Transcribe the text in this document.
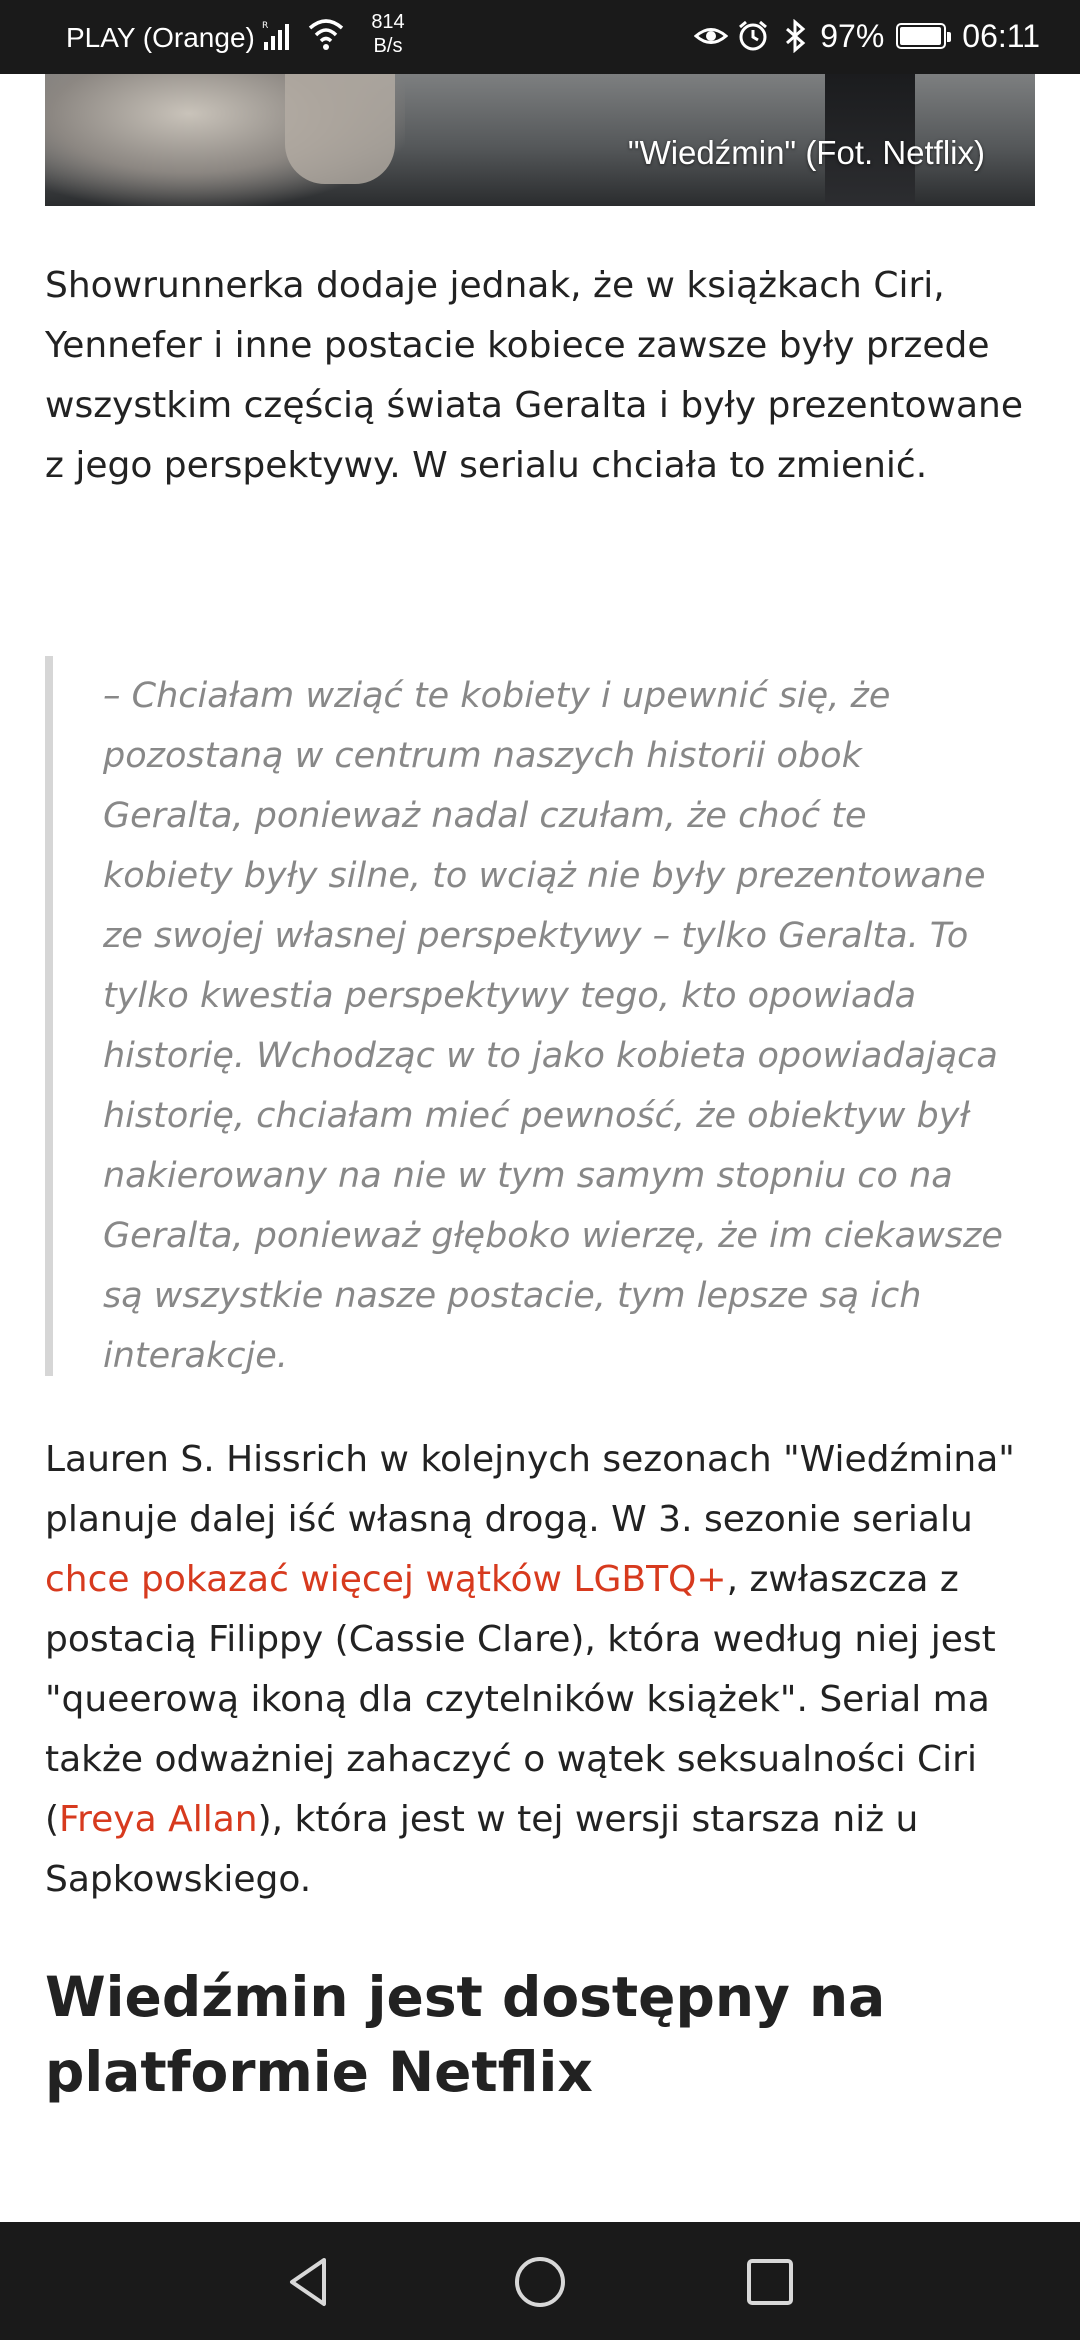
PLAY (Orange) R	814
B/s	97% 06:11
"Wiedźmin" (Fot. Netflix)

Showrunnerka dodaje jednak, że w książkach Ciri, Yennefer i inne postacie kobiece zawsze były przede wszystkim częścią świata Geralta i były prezentowane z jego perspektywy. W serialu chciała to zmienić.

– Chciałam wziąć te kobiety i upewnić się, że pozostaną w centrum naszych historii obok Geralta, ponieważ nadal czułam, że choć te kobiety były silne, to wciąż nie były prezentowane ze swojej własnej perspektywy – tylko Geralta. To tylko kwestia perspektywy tego, kto opowiada historię. Wchodząc w to jako kobieta opowiadająca historię, chciałam mieć pewność, że obiektyw był nakierowany na nie w tym samym stopniu co na Geralta, ponieważ głęboko wierzę, że im ciekawsze są wszystkie nasze postacie, tym lepsze są ich interakcje.

Lauren S. Hissrich w kolejnych sezonach "Wiedźmina" planuje dalej iść własną drogą. W 3. sezonie serialu chce pokazać więcej wątków LGBTQ+, zwłaszcza z postacią Filippy (Cassie Clare), która według niej jest "queerową ikoną dla czytelników książek". Serial ma także odważniej zahaczyć o wątek seksualności Ciri (Freya Allan), która jest w tej wersji starsza niż u Sapkowskiego.

Wiedźmin jest dostępny na platformie Netflix
